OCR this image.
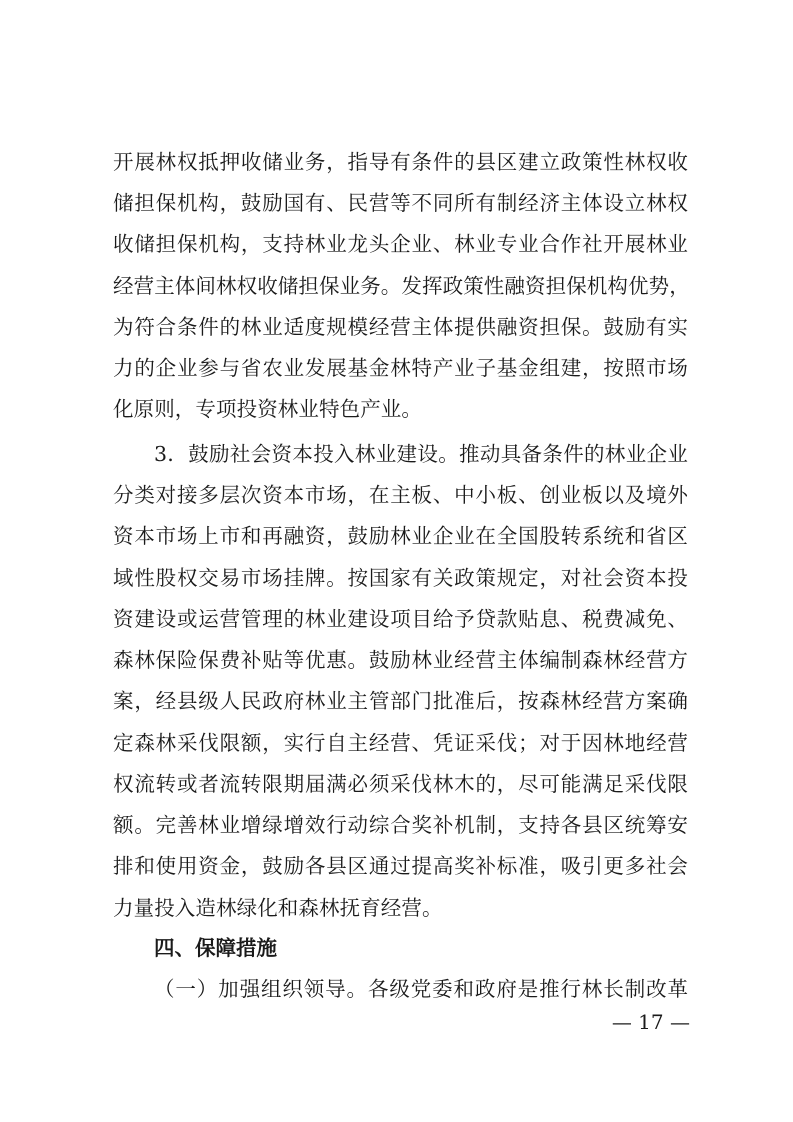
开展林权抵押收储业务，指导有条件的县区建立政策性林权收
储担保机构，鼓励国有、民营等不同所有制经济主体设立林权
收储担保机构，支持林业龙头企业、林业专业合作社开展林业
经营主体间林权收储担保业务。发挥政策性融资担保机构优势，
为符合条件的林业适度规模经营主体提供融资担保。鼓励有实
力的企业参与省农业发展基金林特产业子基金组建，按照市场
化原则，专项投资林业特色产业。
3．鼓励社会资本投入林业建设。推动具备条件的林业企业
分类对接多层次资本市场，在主板、中小板、创业板以及境外
资本市场上市和再融资，鼓励林业企业在全国股转系统和省区
域性股权交易市场挂牌。按国家有关政策规定，对社会资本投
资建设或运营管理的林业建设项目给予贷款贴息、税费减免、
森林保险保费补贴等优惠。鼓励林业经营主体编制森林经营方
案，经县级人民政府林业主管部门批准后，按森林经营方案确
定森林采伐限额，实行自主经营、凭证采伐；对于因林地经营
权流转或者流转限期届满必须采伐林木的，尽可能满足采伐限
额。完善林业增绿增效行动综合奖补机制，支持各县区统筹安
排和使用资金，鼓励各县区通过提高奖补标准，吸引更多社会
力量投入造林绿化和森林抚育经营。
四、保障措施
（一）加强组织领导。各级党委和政府是推行林长制改革
— 17 —
